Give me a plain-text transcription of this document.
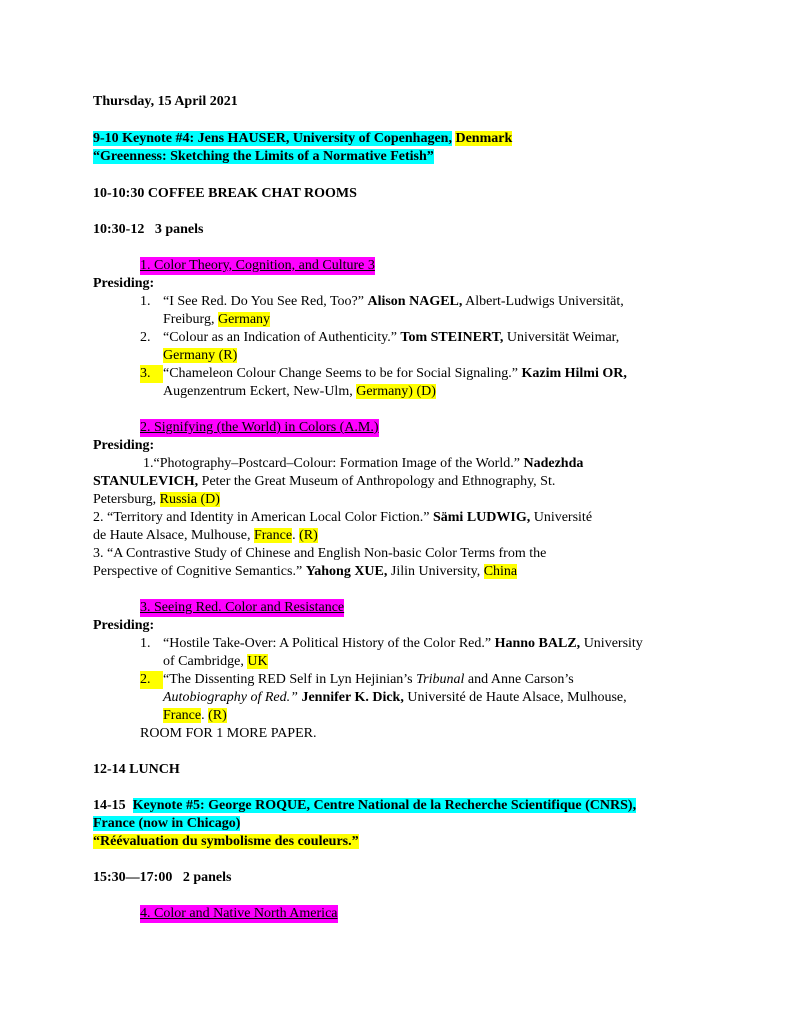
Thursday, 15 April 2021
9-10 Keynote #4: Jens HAUSER, University of Copenhagen, Denmark
“Greenness: Sketching the Limits of a Normative Fetish”
10-10:30 COFFEE BREAK CHAT ROOMS
10:30-12 3 panels
1. Color Theory, Cognition, and Culture 3
Presiding:
1. “I See Red. Do You See Red, Too?” Alison NAGEL, Albert-Ludwigs Universität,
Freiburg, Germany
2. “Colour as an Indication of Authenticity.” Tom STEINERT, Universität Weimar,
Germany (R)
3. “Chameleon Colour Change Seems to be for Social Signaling.” Kazim Hilmi OR,
Augenzentrum Eckert, New-Ulm, Germany) (D)
2. Signifying (the World) in Colors (A.M.)
Presiding:
1.“Photography–Postcard–Colour: Formation Image of the World.” Nadezhda
STANULEVICH, Peter the Great Museum of Anthropology and Ethnography, St.
Petersburg, Russia (D)
2. “Territory and Identity in American Local Color Fiction.” Sämi LUDWIG, Université
de Haute Alsace, Mulhouse, France. (R)
3. “A Contrastive Study of Chinese and English Non-basic Color Terms from the
Perspective of Cognitive Semantics.” Yahong XUE, Jilin University, China
3. Seeing Red. Color and Resistance
Presiding:
1. “Hostile Take-Over: A Political History of the Color Red.” Hanno BALZ, University
of Cambridge, UK
2. “The Dissenting RED Self in Lyn Hejinian’s Tribunal and Anne Carson’s
Autobiography of Red.” Jennifer K. Dick, Université de Haute Alsace, Mulhouse,
France. (R)
ROOM FOR 1 MORE PAPER.
12-14 LUNCH
14-15 Keynote #5: George ROQUE, Centre National de la Recherche Scientifique (CNRS),
France (now in Chicago)
“Réévaluation du symbolisme des couleurs.”
15:30—17:00 2 panels
4. Color and Native North America
